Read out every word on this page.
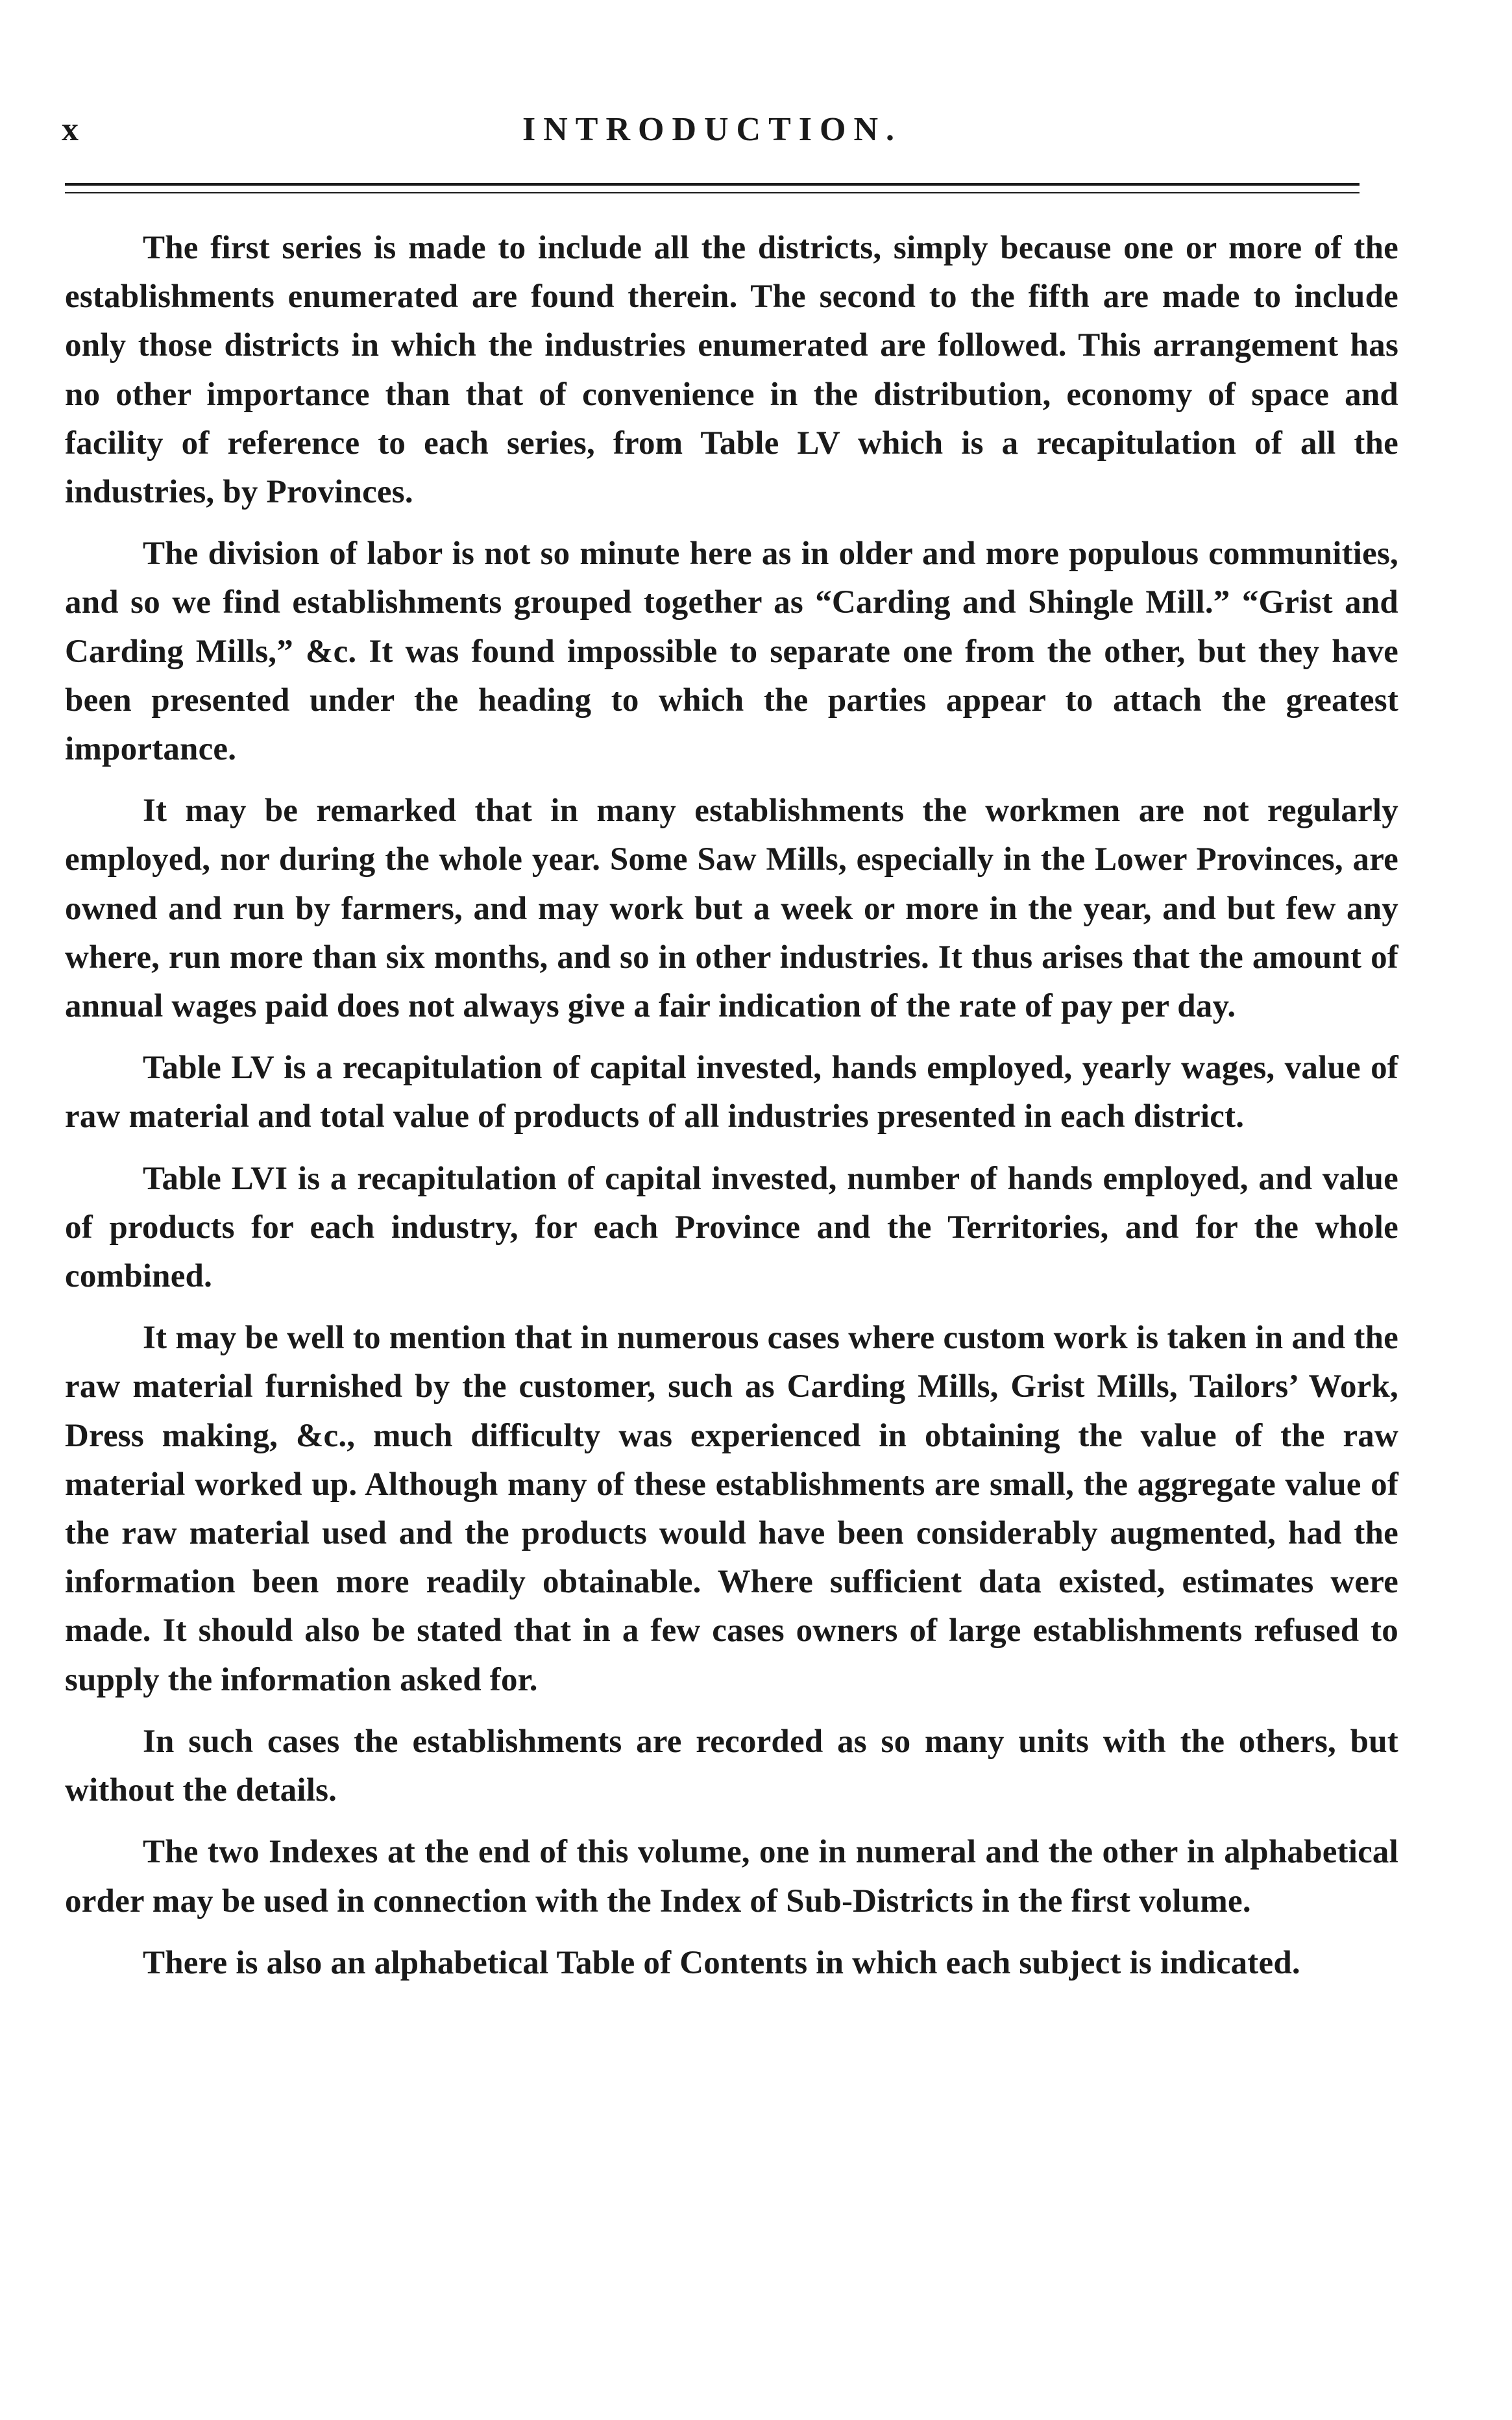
x	INTRODUCTION.

The first series is made to include all the districts, simply because one or more of the establishments enumerated are found therein. The second to the fifth are made to include only those districts in which the industries enumerated are followed. This arrangement has no other importance than that of convenience in the distribution, economy of space and facility of reference to each series, from Table LV which is a recapitulation of all the industries, by Provinces.

The division of labor is not so minute here as in older and more populous communities, and so we find establishments grouped together as “Carding and Shingle Mill.” “Grist and Carding Mills,” &c. It was found impossible to separate one from the other, but they have been presented under the heading to which the parties appear to attach the greatest importance.

It may be remarked that in many establishments the workmen are not regularly employed, nor during the whole year. Some Saw Mills, especially in the Lower Provinces, are owned and run by farmers, and may work but a week or more in the year, and but few any where, run more than six months, and so in other industries. It thus arises that the amount of annual wages paid does not always give a fair indication of the rate of pay per day.

Table LV is a recapitulation of capital invested, hands employed, yearly wages, value of raw material and total value of products of all industries presented in each district.

Table LVI is a recapitulation of capital invested, number of hands employed, and value of products for each industry, for each Province and the Territories, and for the whole combined.

It may be well to mention that in numerous cases where custom work is taken in and the raw material furnished by the customer, such as Carding Mills, Grist Mills, Tailors’ Work, Dress making, &c., much difficulty was experienced in obtaining the value of the raw material worked up. Although many of these establishments are small, the aggregate value of the raw material used and the products would have been considerably augmented, had the information been more readily obtainable. Where sufficient data existed, estimates were made. It should also be stated that in a few cases owners of large establishments refused to supply the information asked for.

In such cases the establishments are recorded as so many units with the others, but without the details.

The two Indexes at the end of this volume, one in numeral and the other in alphabetical order may be used in connection with the Index of Sub-Districts in the first volume.

There is also an alphabetical Table of Contents in which each subject is indicated.
